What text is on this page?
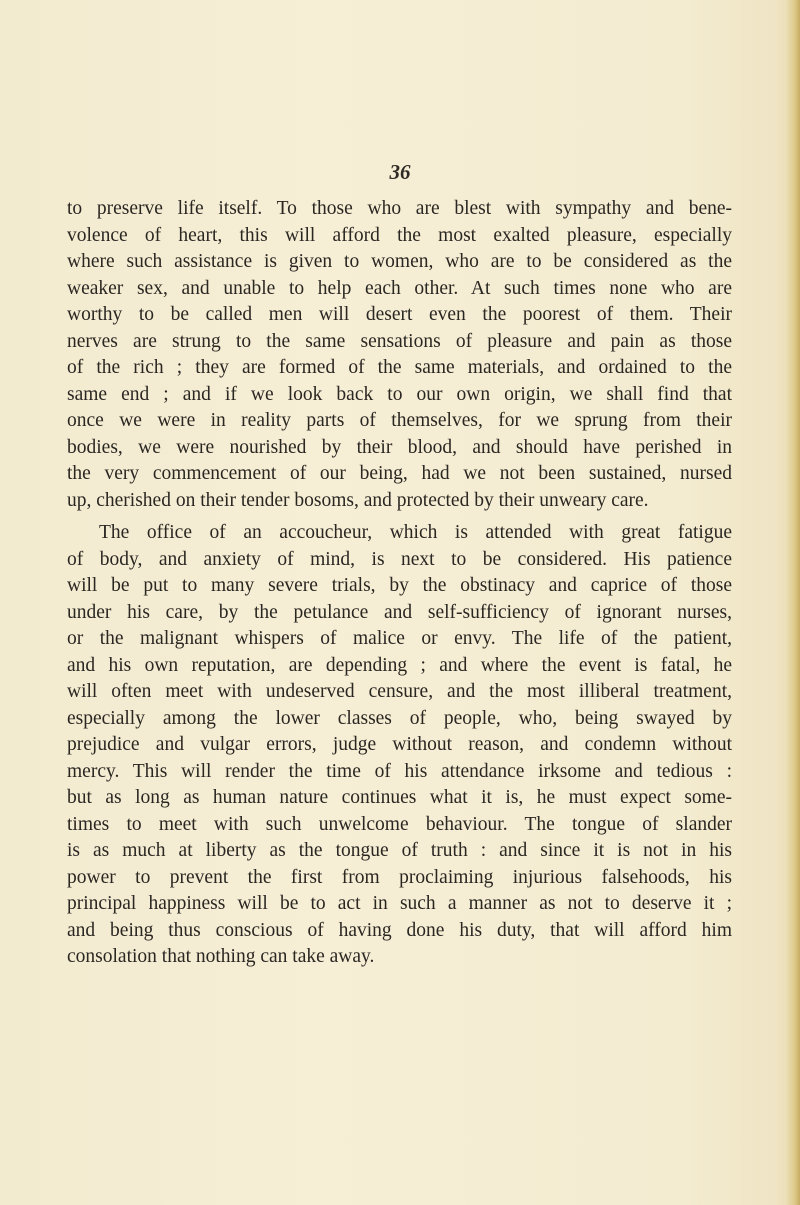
36
to preserve life itself. To those who are blest with sympathy and bene-
volence of heart, this will afford the most exalted pleasure, especially
where such assistance is given to women, who are to be considered as the
weaker sex, and unable to help each other. At such times none who are
worthy to be called men will desert even the poorest of them. Their
nerves are strung to the same sensations of pleasure and pain as those
of the rich ; they are formed of the same materials, and ordained to the
same end ; and if we look back to our own origin, we shall find that
once we were in reality parts of themselves, for we sprung from their
bodies, we were nourished by their blood, and should have perished in
the very commencement of our being, had we not been sustained, nursed
up, cherished on their tender bosoms, and protected by their unweary care.
The office of an accoucheur, which is attended with great fatigue
of body, and anxiety of mind, is next to be considered. His patience
will be put to many severe trials, by the obstinacy and caprice of those
under his care, by the petulance and self-sufficiency of ignorant nurses,
or the malignant whispers of malice or envy. The life of the patient,
and his own reputation, are depending ; and where the event is fatal, he
will often meet with undeserved censure, and the most illiberal treatment,
especially among the lower classes of people, who, being swayed by
prejudice and vulgar errors, judge without reason, and condemn without
mercy. This will render the time of his attendance irksome and tedious :
but as long as human nature continues what it is, he must expect some-
times to meet with such unwelcome behaviour. The tongue of slander
is as much at liberty as the tongue of truth : and since it is not in his
power to prevent the first from proclaiming injurious falsehoods, his
principal happiness will be to act in such a manner as not to deserve it ;
and being thus conscious of having done his duty, that will afford him
consolation that nothing can take away.
